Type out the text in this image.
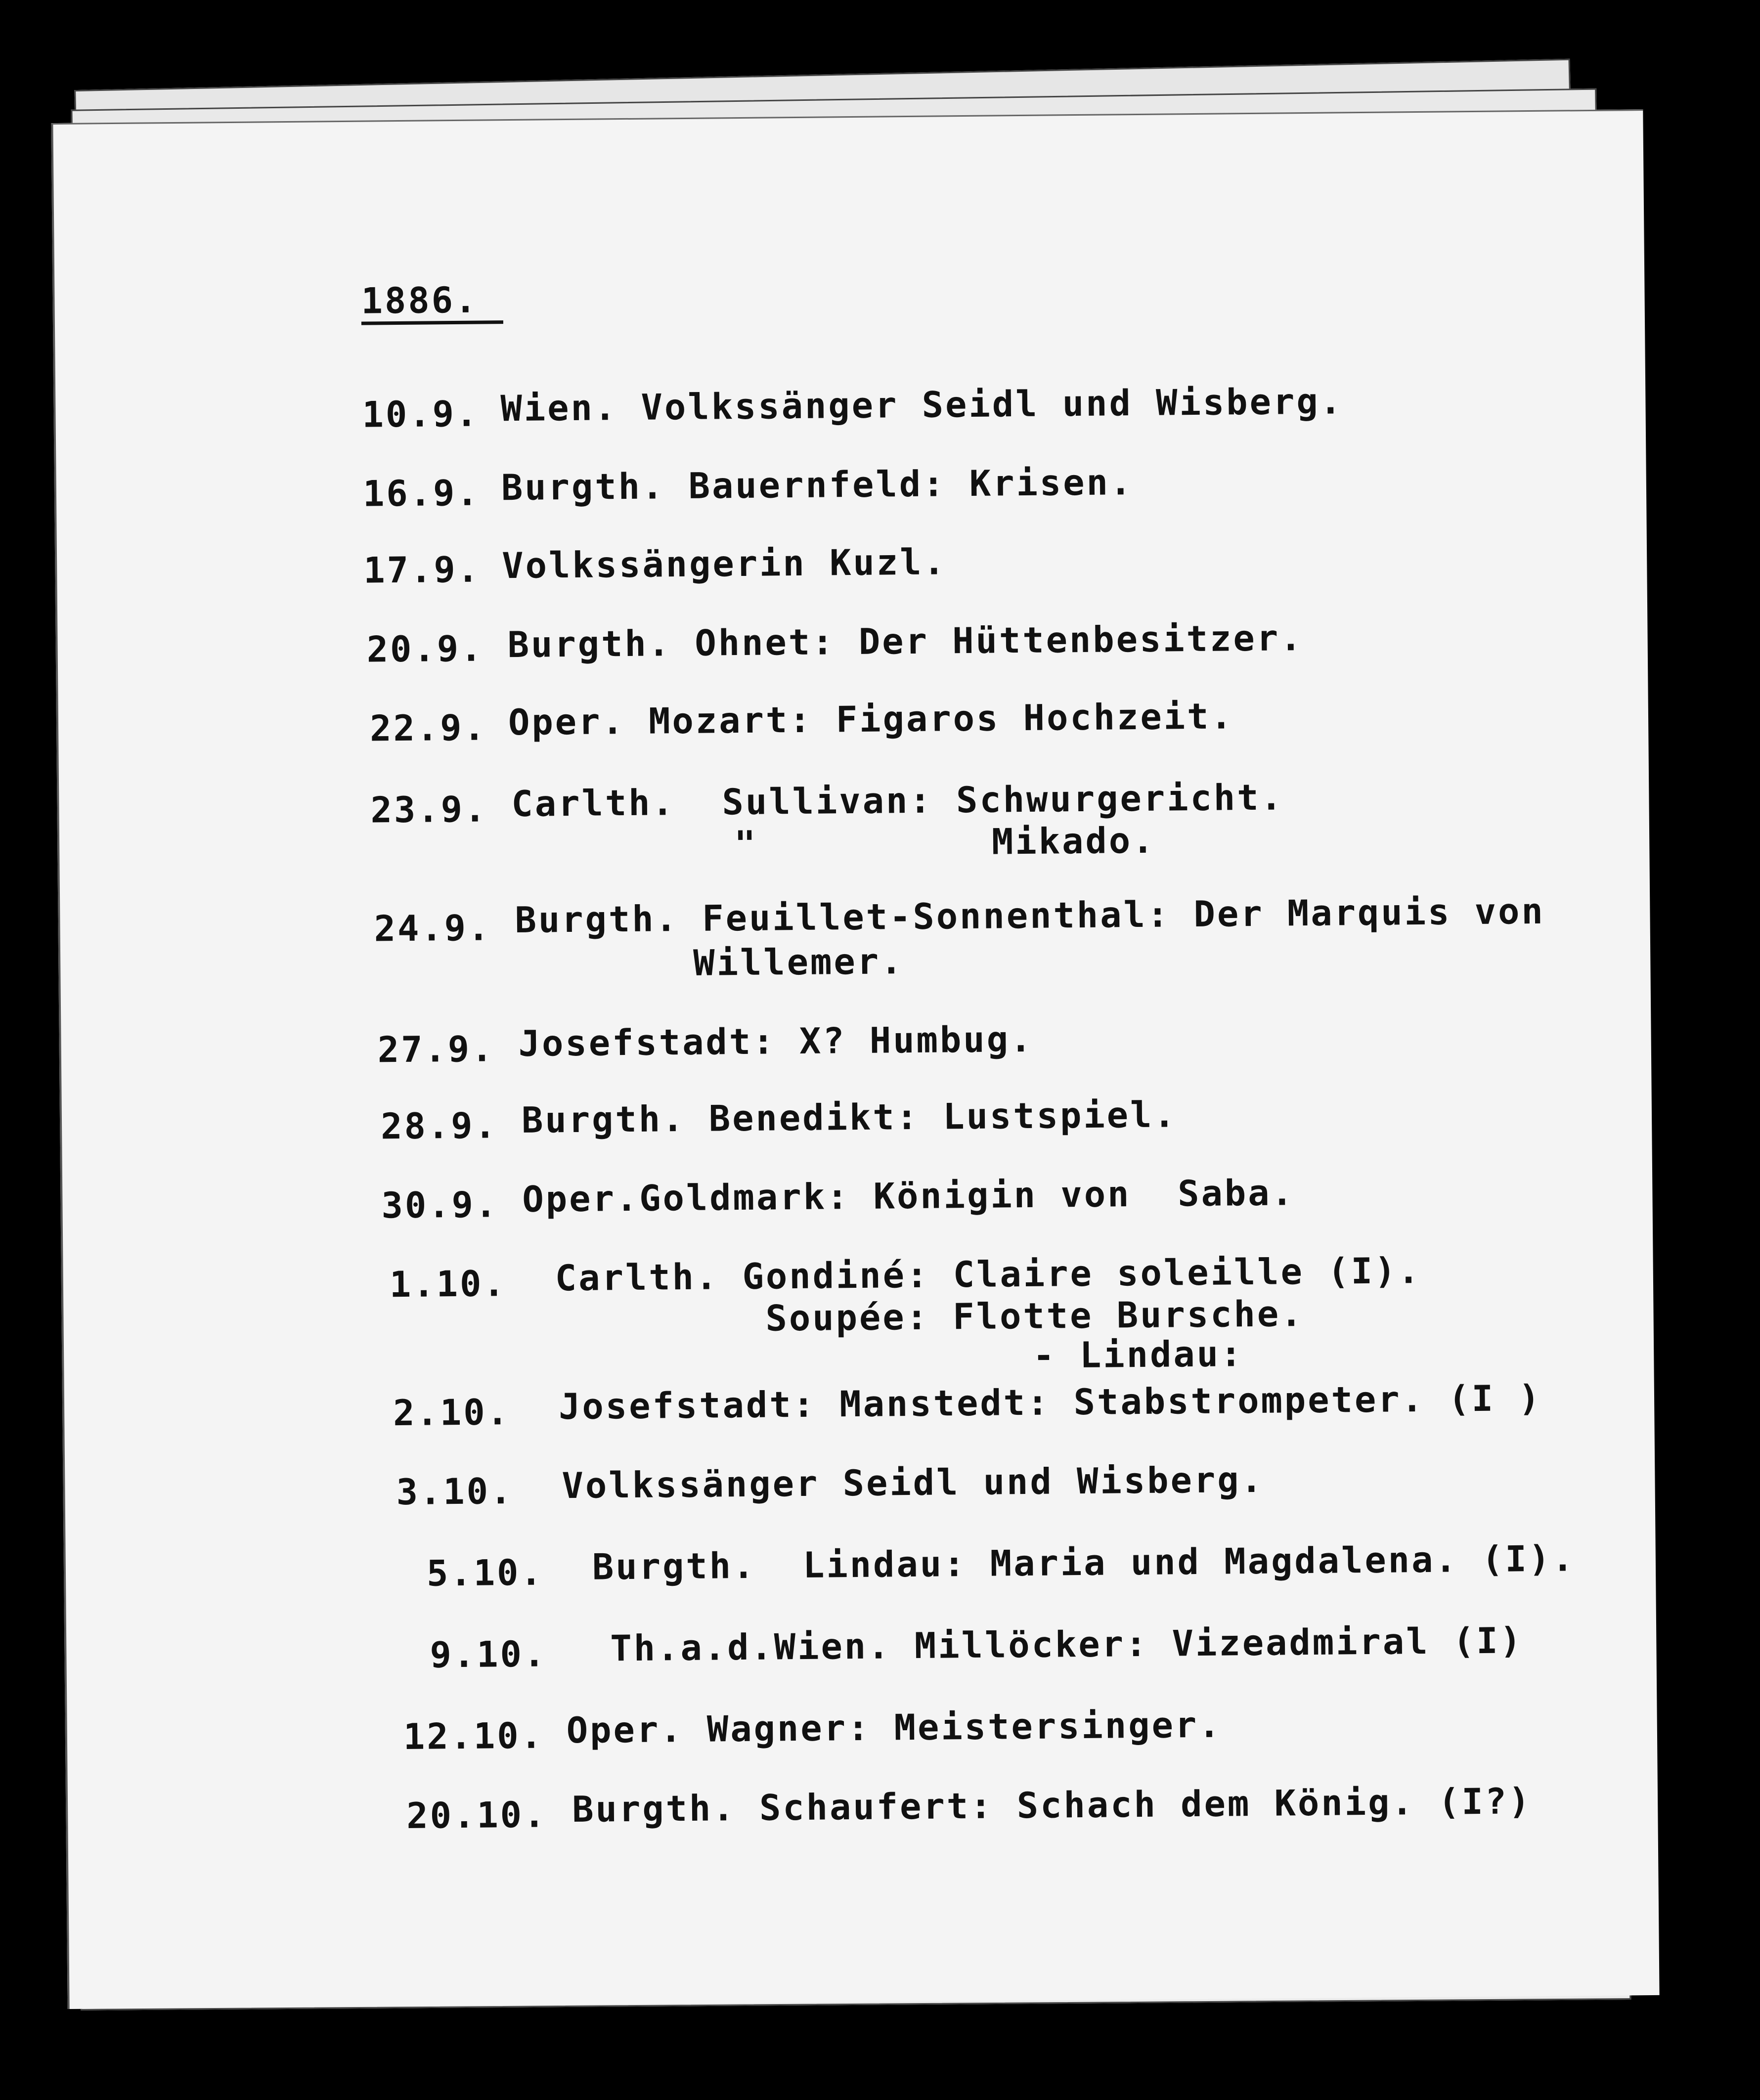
1886.
10.9. Wien. Volkssänger Seidl und Wisberg.
16.9. Burgth. Bauernfeld: Krisen.
17.9. Volkssängerin Kuzl.
20.9. Burgth. Ohnet: Der Hüttenbesitzer.
22.9. Oper. Mozart: Figaros Hochzeit.
23.9. Carlth.  Sullivan: Schwurgericht.
"          Mikado.
24.9. Burgth. Feuillet-Sonnenthal: Der Marquis von
Willemer.
27.9. Josefstadt: X? Humbug.
28.9. Burgth. Benedikt: Lustspiel.
30.9. Oper.Goldmark: Königin von  Saba.
1.10. Carlth. Gondiné: Claire soleille (I).
Soupée: Flotte Bursche.
- Lindau:
2.10. Josefstadt: Manstedt: Stabstrompeter. (I )
3.10. Volkssänger Seidl und Wisberg.
5.10. Burgth.  Lindau: Maria und Magdalena. (I).
9.10. Th.a.d.Wien. Millöcker: Vizeadmiral (I)
12.10. Oper. Wagner: Meistersinger.
20.10. Burgth. Schaufert: Schach dem König. (I?)
